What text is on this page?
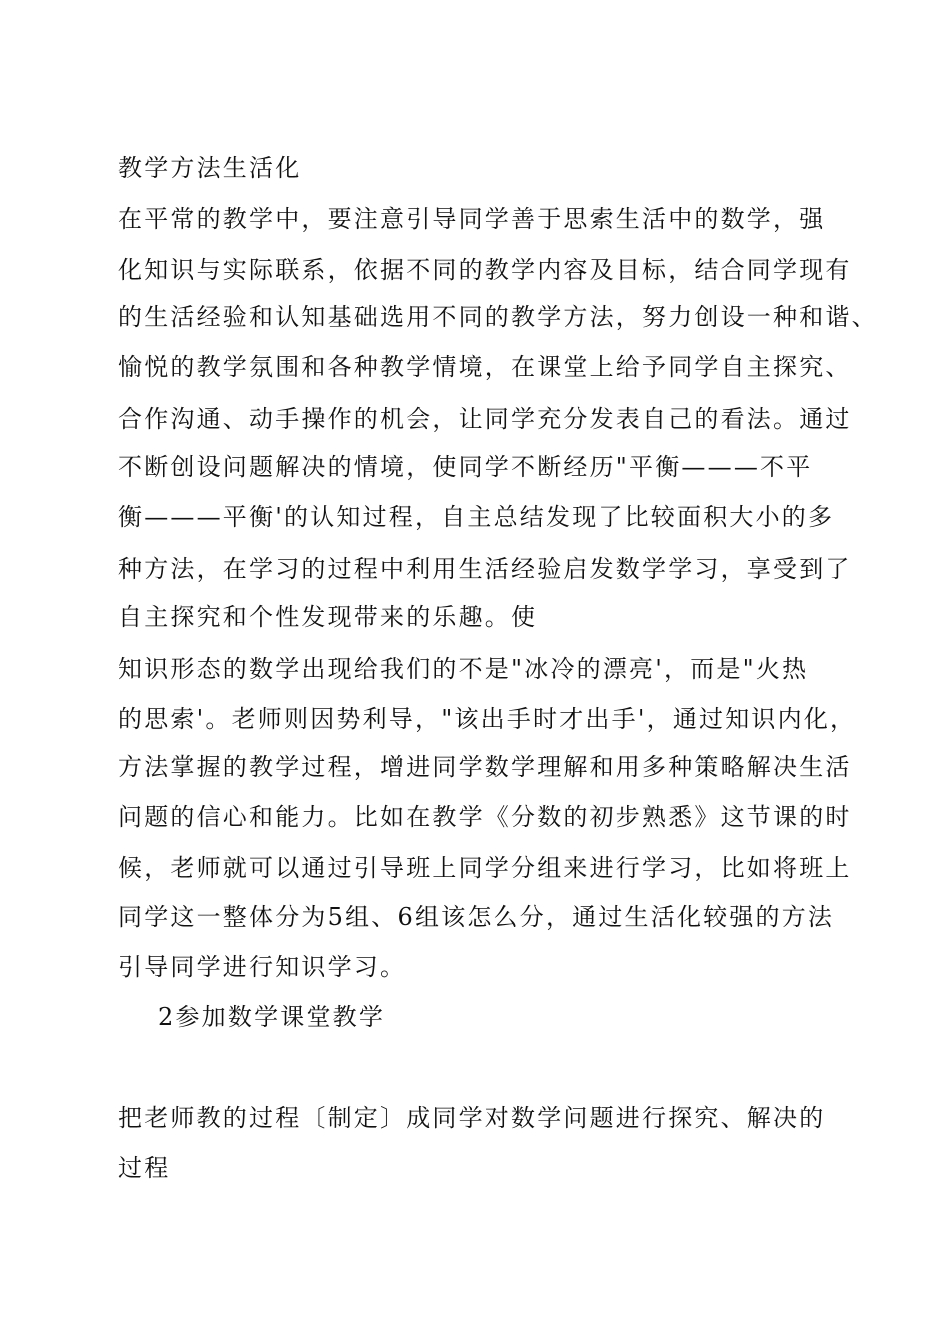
教学方法生活化
在平常的教学中，要注意引导同学善于思索生活中的数学，强
化知识与实际联系，依据不同的教学内容及目标，结合同学现有
的生活经验和认知基础选用不同的教学方法，努力创设一种和谐、
愉悦的教学氛围和各种教学情境，在课堂上给予同学自主探究、
合作沟通、动手操作的机会，让同学充分发表自己的看法。通过
不断创设问题解决的情境，使同学不断经历"平衡———不平
衡———平衡'的认知过程，自主总结发现了比较面积大小的多
种方法，在学习的过程中利用生活经验启发数学学习，享受到了
自主探究和个性发现带来的乐趣。使
知识形态的数学出现给我们的不是"冰冷的漂亮'，而是"火热
的思索'。老师则因势利导，"该出手时才出手'，通过知识内化，
方法掌握的教学过程，增进同学数学理解和用多种策略解决生活
问题的信心和能力。比如在教学《分数的初步熟悉》这节课的时
候，老师就可以通过引导班上同学分组来进行学习，比如将班上
同学这一整体分为5组、6组该怎么分，通过生活化较强的方法
引导同学进行知识学习。
2参加数学课堂教学
把老师教的过程〔制定〕成同学对数学问题进行探究、解决的
过程
